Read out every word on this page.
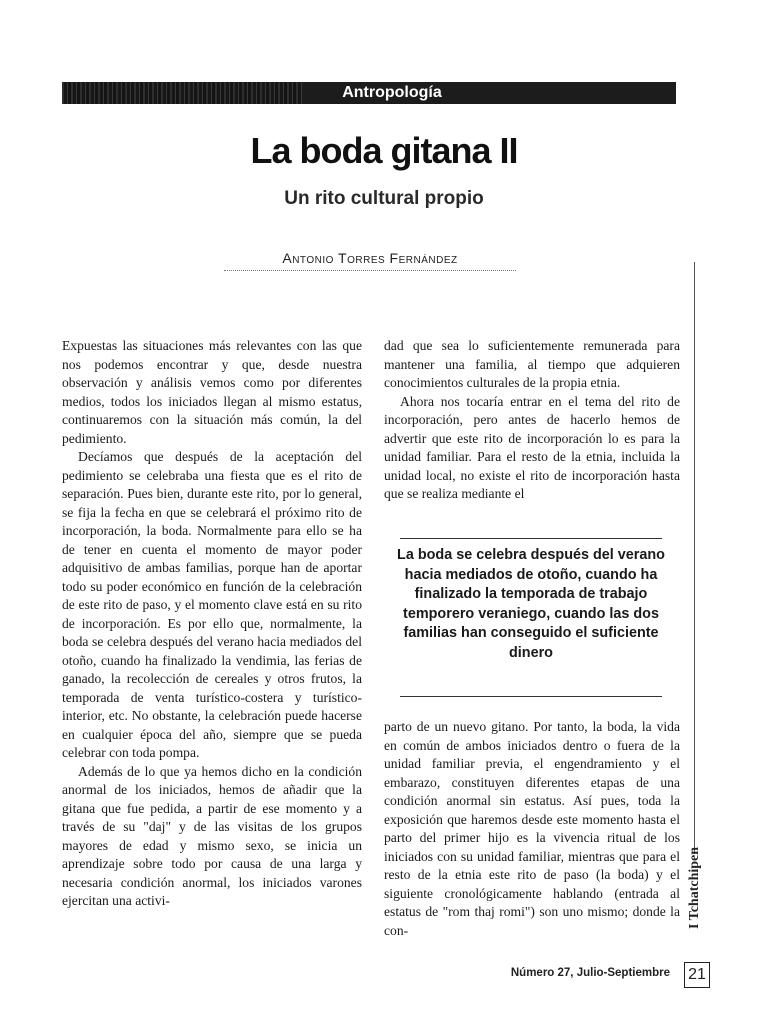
Antropología
La boda gitana II
Un rito cultural propio
Antonio Torres Fernández

Expuestas las situaciones más relevantes con las que nos podemos encontrar y que, desde nuestra observación y análisis vemos como por diferentes medios, todos los iniciados llegan al mismo estatus, continuaremos con la situación más común, la del pedimiento.

Decíamos que después de la aceptación del pedimiento se celebraba una fiesta que es el rito de separación. Pues bien, durante este rito, por lo general, se fija la fecha en que se celebrará el próximo rito de incorporación, la boda. Normalmente para ello se ha de tener en cuenta el momento de mayor poder adquisitivo de ambas familias, porque han de aportar todo su poder económico en función de la celebración de este rito de paso, y el momento clave está en su rito de incorporación. Es por ello que, normalmente, la boda se celebra después del verano hacia mediados del otoño, cuando ha finalizado la vendimia, las ferias de ganado, la recolección de cereales y otros frutos, la temporada de venta turístico-costera y turístico-interior, etc. No obstante, la celebración puede hacerse en cualquier época del año, siempre que se pueda celebrar con toda pompa.

Además de lo que ya hemos dicho en la condición anormal de los iniciados, hemos de añadir que la gitana que fue pedida, a partir de ese momento y a través de su "daj" y de las visitas de los grupos mayores de edad y mismo sexo, se inicia un aprendizaje sobre todo por causa de una larga y necesaria condición anormal, los iniciados varones ejercitan una activi-

dad que sea lo suficientemente remunerada para mantener una familia, al tiempo que adquieren conocimientos culturales de la propia etnia.

Ahora nos tocaría entrar en el tema del rito de incorporación, pero antes de hacerlo hemos de advertir que este rito de incorporación lo es para la unidad familiar. Para el resto de la etnia, incluida la unidad local, no existe el rito de incorporación hasta que se realiza mediante el

La boda se celebra después del verano hacia mediados de otoño, cuando ha finalizado la temporada de trabajo temporero veraniego, cuando las dos familias han conseguido el suficiente dinero

parto de un nuevo gitano. Por tanto, la boda, la vida en común de ambos iniciados dentro o fuera de la unidad familiar previa, el engendramiento y el embarazo, constituyen diferentes etapas de una condición anormal sin estatus. Así pues, toda la exposición que haremos desde este momento hasta el parto del primer hijo es la vivencia ritual de los iniciados con su unidad familiar, mientras que para el resto de la etnia este rito de paso (la boda) y el siguiente cronológicamente hablando (entrada al estatus de "rom thaj romi") son uno mismo; donde la con-

I Tchatchipen
Número 27, Julio-Septiembre 21
